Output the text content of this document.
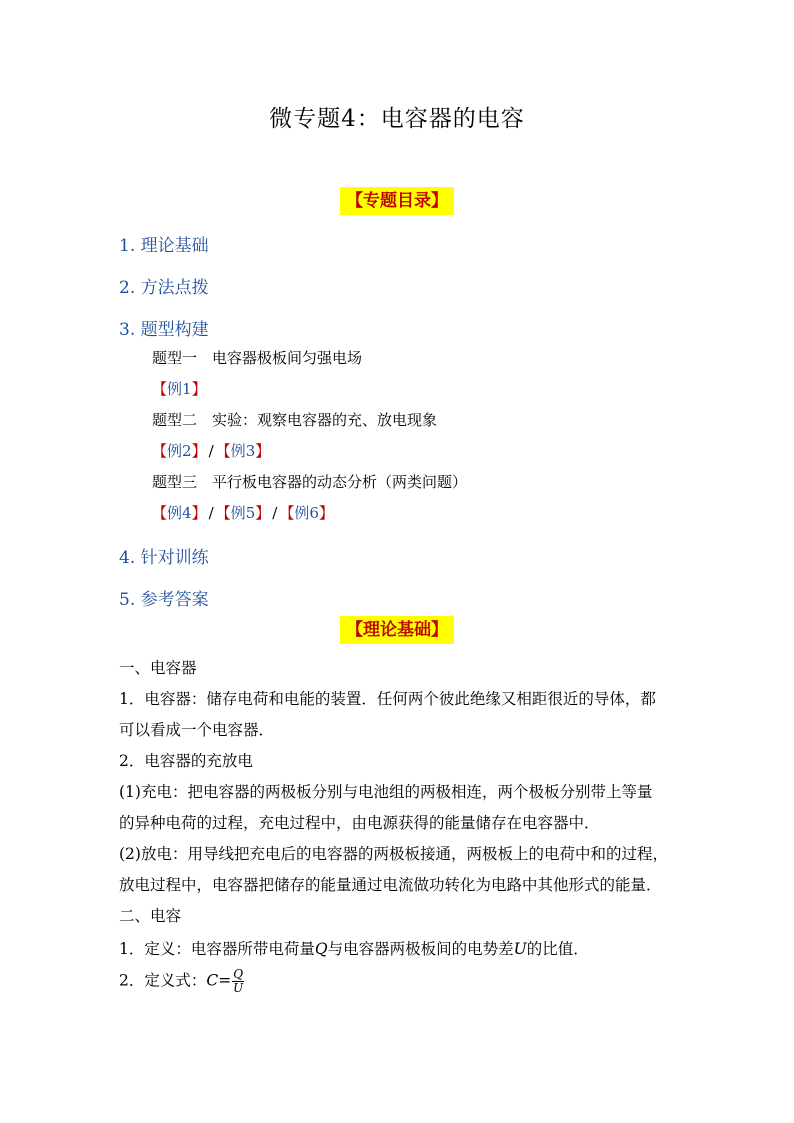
微专题4：电容器的电容
【专题目录】
1. 理论基础
2. 方法点拨
3. 题型构建
题型一　 电容器极板间匀强电场
【例1】
题型二　 实验：观察电容器的充、放电现象
【例2】 / 【例3】
题型三　 平行板电容器的动态分析（两类问题）
【例4】 / 【例5】 / 【例6】
4. 针对训练
5. 参考答案
【理论基础】
一、电容器
1．电容器：储存电荷和电能的装置．任何两个彼此绝缘又相距很近的导体，都
可以看成一个电容器．
2．电容器的充放电
(1)充电：把电容器的两极板分别与电池组的两极相连，两个极板分别带上等量
的异种电荷的过程，充电过程中，由电源获得的能量储存在电容器中．
(2)放电：用导线把充电后的电容器的两极板接通，两极板上的电荷中和的过程，
放电过程中，电容器把储存的能量通过电流做功转化为电路中其他形式的能量．
二、电容
1．定义：电容器所带电荷量Q与电容器两极板间的电势差U的比值．
2．定义式：$C= \frac{Q}{U}$
